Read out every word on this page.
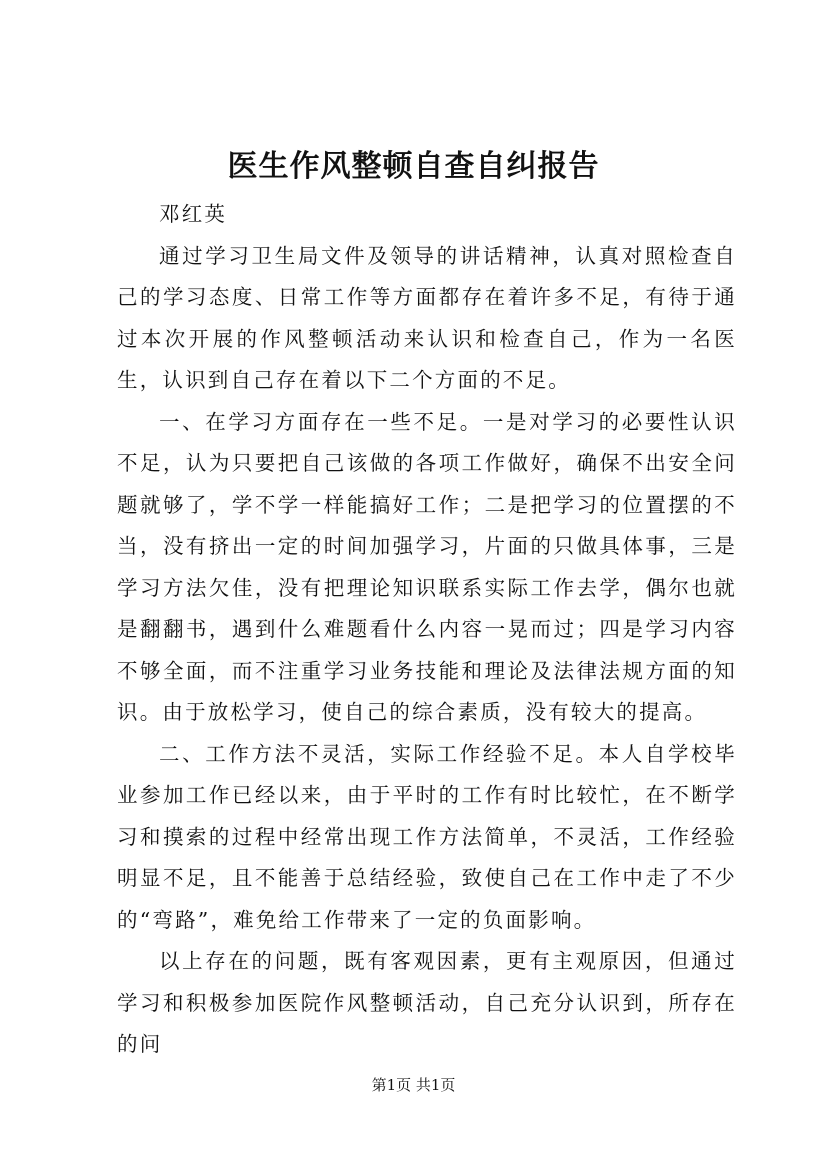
医生作风整顿自查自纠报告

邓红英

通过学习卫生局文件及领导的讲话精神，认真对照检查自己的学习态度、日常工作等方面都存在着许多不足，有待于通过本次开展的作风整顿活动来认识和检查自己，作为一名医生，认识到自己存在着以下二个方面的不足。

一、在学习方面存在一些不足。一是对学习的必要性认识不足，认为只要把自己该做的各项工作做好，确保不出安全问题就够了，学不学一样能搞好工作；二是把学习的位置摆的不当，没有挤出一定的时间加强学习，片面的只做具体事，三是学习方法欠佳，没有把理论知识联系实际工作去学，偶尔也就是翻翻书，遇到什么难题看什么内容一晃而过；四是学习内容不够全面，而不注重学习业务技能和理论及法律法规方面的知识。由于放松学习，使自己的综合素质，没有较大的提高。

二、工作方法不灵活，实际工作经验不足。本人自学校毕业参加工作已经以来，由于平时的工作有时比较忙，在不断学习和摸索的过程中经常出现工作方法简单，不灵活，工作经验明显不足，且不能善于总结经验，致使自己在工作中走了不少的“弯路”，难免给工作带来了一定的负面影响。

以上存在的问题，既有客观因素，更有主观原因，但通过学习和积极参加医院作风整顿活动，自己充分认识到，所存在的问

第1页 共1页
